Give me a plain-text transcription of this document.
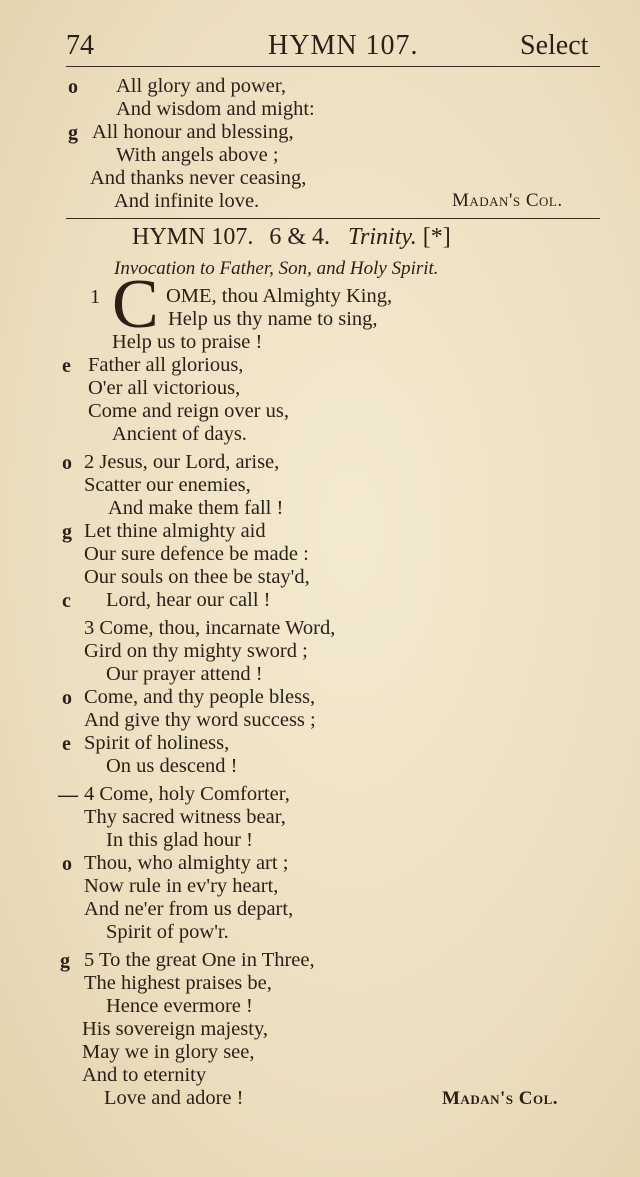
74	HYMN 107.	Select
o All glory and power,
And wisdom and might:
g All honour and blessing,
With angels above ;
And thanks never ceasing,
And infinite love.	Madan's Col.
HYMN 107. 6 & 4. Trinity. [*]
Invocation to Father, Son, and Holy Spirit.
1 C OME, thou Almighty King,
Help us thy name to sing,
Help us to praise !
e Father all glorious,
O'er all victorious,
Come and reign over us,
Ancient of days.
o 2 Jesus, our Lord, arise,
Scatter our enemies,
And make them fall !
g Let thine almighty aid
Our sure defence be made :
Our souls on thee be stay'd,
c Lord, hear our call !
3 Come, thou, incarnate Word,
Gird on thy mighty sword ;
Our prayer attend !
o Come, and thy people bless,
And give thy word success ;
e Spirit of holiness,
On us descend !
— 4 Come, holy Comforter,
Thy sacred witness bear,
In this glad hour !
o Thou, who almighty art ;
Now rule in ev'ry heart,
And ne'er from us depart,
Spirit of pow'r.
g 5 To the great One in Three,
The highest praises be,
Hence evermore !
His sovereign majesty,
May we in glory see,
And to eternity
Love and adore !	Madan's Col.
